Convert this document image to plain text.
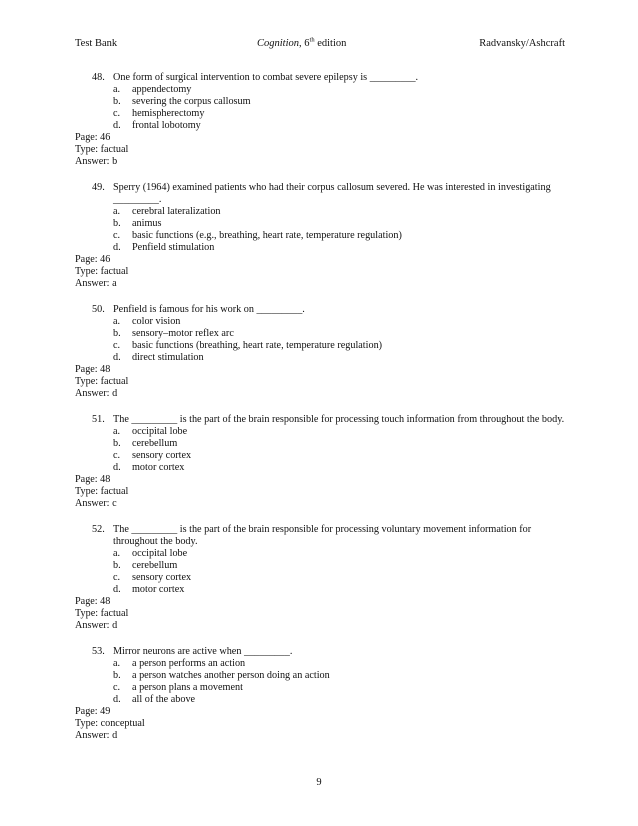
Test Bank	Cognition, 6th edition	Radvansky/Ashcraft
48. One form of surgical intervention to combat severe epilepsy is _________.
a. appendectomy
b. severing the corpus callosum
c. hemispherectomy
d. frontal lobotomy
Page: 46
Type: factual
Answer: b
49. Sperry (1964) examined patients who had their corpus callosum severed. He was interested in investigating _________.
a. cerebral lateralization
b. animus
c. basic functions (e.g., breathing, heart rate, temperature regulation)
d. Penfield stimulation
Page: 46
Type: factual
Answer: a
50. Penfield is famous for his work on _________.
a. color vision
b. sensory–motor reflex arc
c. basic functions (breathing, heart rate, temperature regulation)
d. direct stimulation
Page: 48
Type: factual
Answer: d
51. The _________ is the part of the brain responsible for processing touch information from throughout the body.
a. occipital lobe
b. cerebellum
c. sensory cortex
d. motor cortex
Page: 48
Type: factual
Answer: c
52. The _________ is the part of the brain responsible for processing voluntary movement information for throughout the body.
a. occipital lobe
b. cerebellum
c. sensory cortex
d. motor cortex
Page: 48
Type: factual
Answer: d
53. Mirror neurons are active when _________.
a. a person performs an action
b. a person watches another person doing an action
c. a person plans a movement
d. all of the above
Page: 49
Type: conceptual
Answer: d
9
